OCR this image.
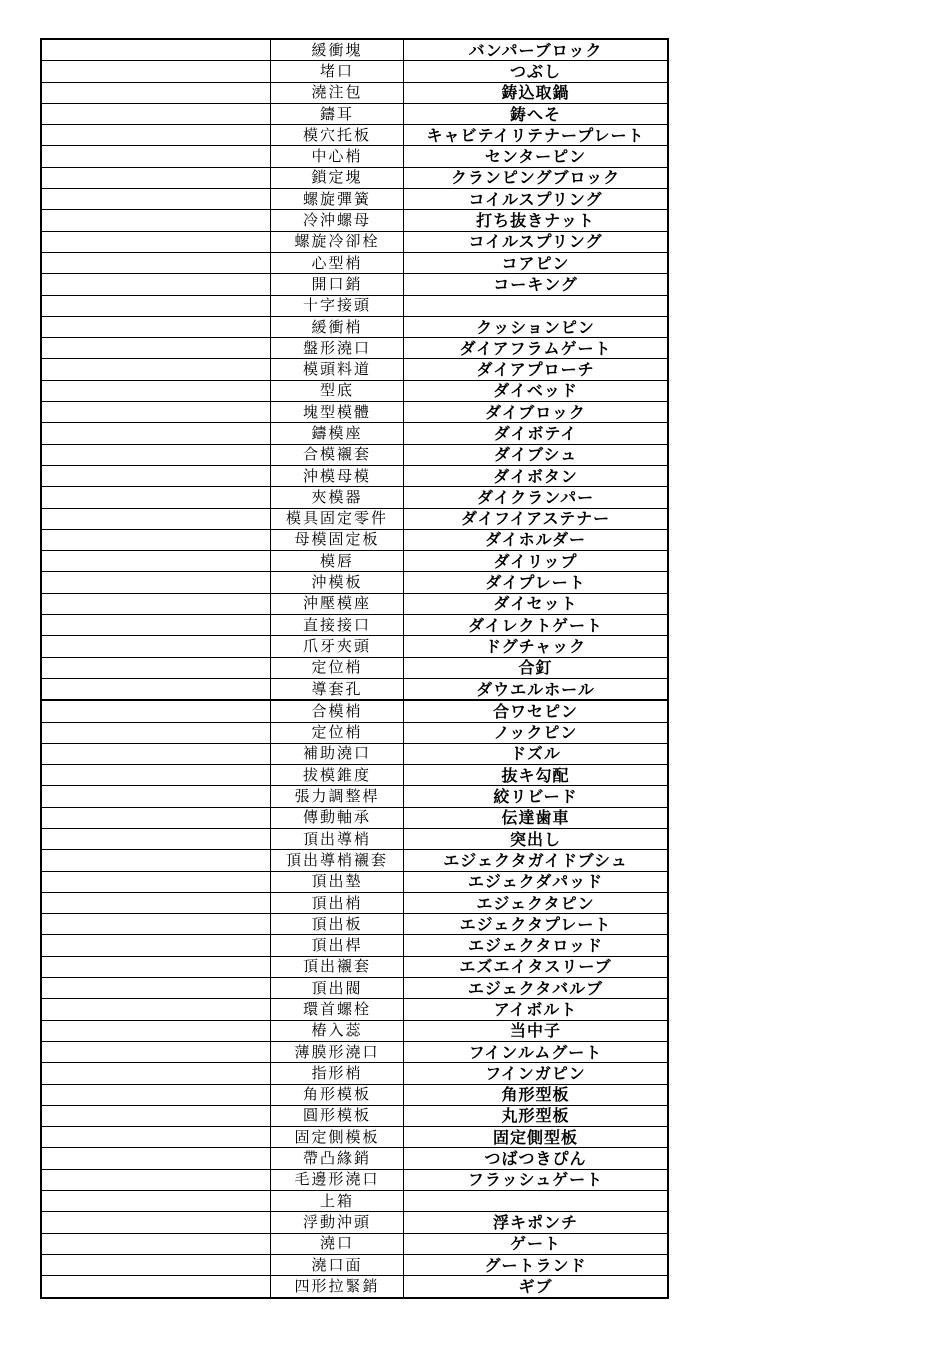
	緩衝塊	バンパーブロック
	堵口	つぶし
	澆注包	鋳込取鍋
	鑄耳	鋳へそ
	模穴托板	キャビテイリテナープレート
	中心梢	センターピン
	鎖定塊	クランピングブロック
	螺旋彈簧	コイルスプリング
	冷沖螺母	打ち抜きナット
	螺旋冷卻栓	コイルスプリング
	心型梢	コアピン
	開口銷	コーキング
	十字接頭	
	緩衝梢	クッションピン
	盤形澆口	ダイアフラムゲート
	模頭料道	ダイアプローチ
	型底	ダイベッド
	塊型模體	ダイブロック
	鑄模座	ダイボテイ
	合模襯套	ダイブシュ
	沖模母模	ダイボタン
	夾模器	ダイクランパー
	模具固定零件	ダイフイアステナー
	母模固定板	ダイホルダー
	模唇	ダイリップ
	沖模板	ダイプレート
	沖壓模座	ダイセット
	直接接口	ダイレクトゲート
	爪牙夾頭	ドグチャック
	定位梢	合釘
	導套孔	ダウエルホール
	合模梢	合ワセピン
	定位梢	ノックピン
	補助澆口	ドズル
	拔模錐度	抜キ勾配
	張力調整桿	絞リビード
	傳動軸承	伝達歯車
	頂出導梢	突出し
	頂出導梢襯套	エジェクタガイドブシュ
	頂出墊	エジェクダパッド
	頂出梢	エジェクタピン
	頂出板	エジェクタプレート
	頂出桿	エジェクタロッド
	頂出襯套	エズエイタスリーブ
	頂出閥	エジェクタバルブ
	環首螺栓	アイボルト
	椿入蕊	当中子
	薄膜形澆口	フインルムグート
	指形梢	フインガピン
	角形模板	角形型板
	圓形模板	丸形型板
	固定側模板	固定側型板
	帶凸緣銷	つばつきぴん
	毛邊形澆口	フラッシュゲート
	上箱	
	浮動沖頭	浮キポンチ
	澆口	ゲート
	澆口面	グートランド
	四形拉緊銷	ギブ
